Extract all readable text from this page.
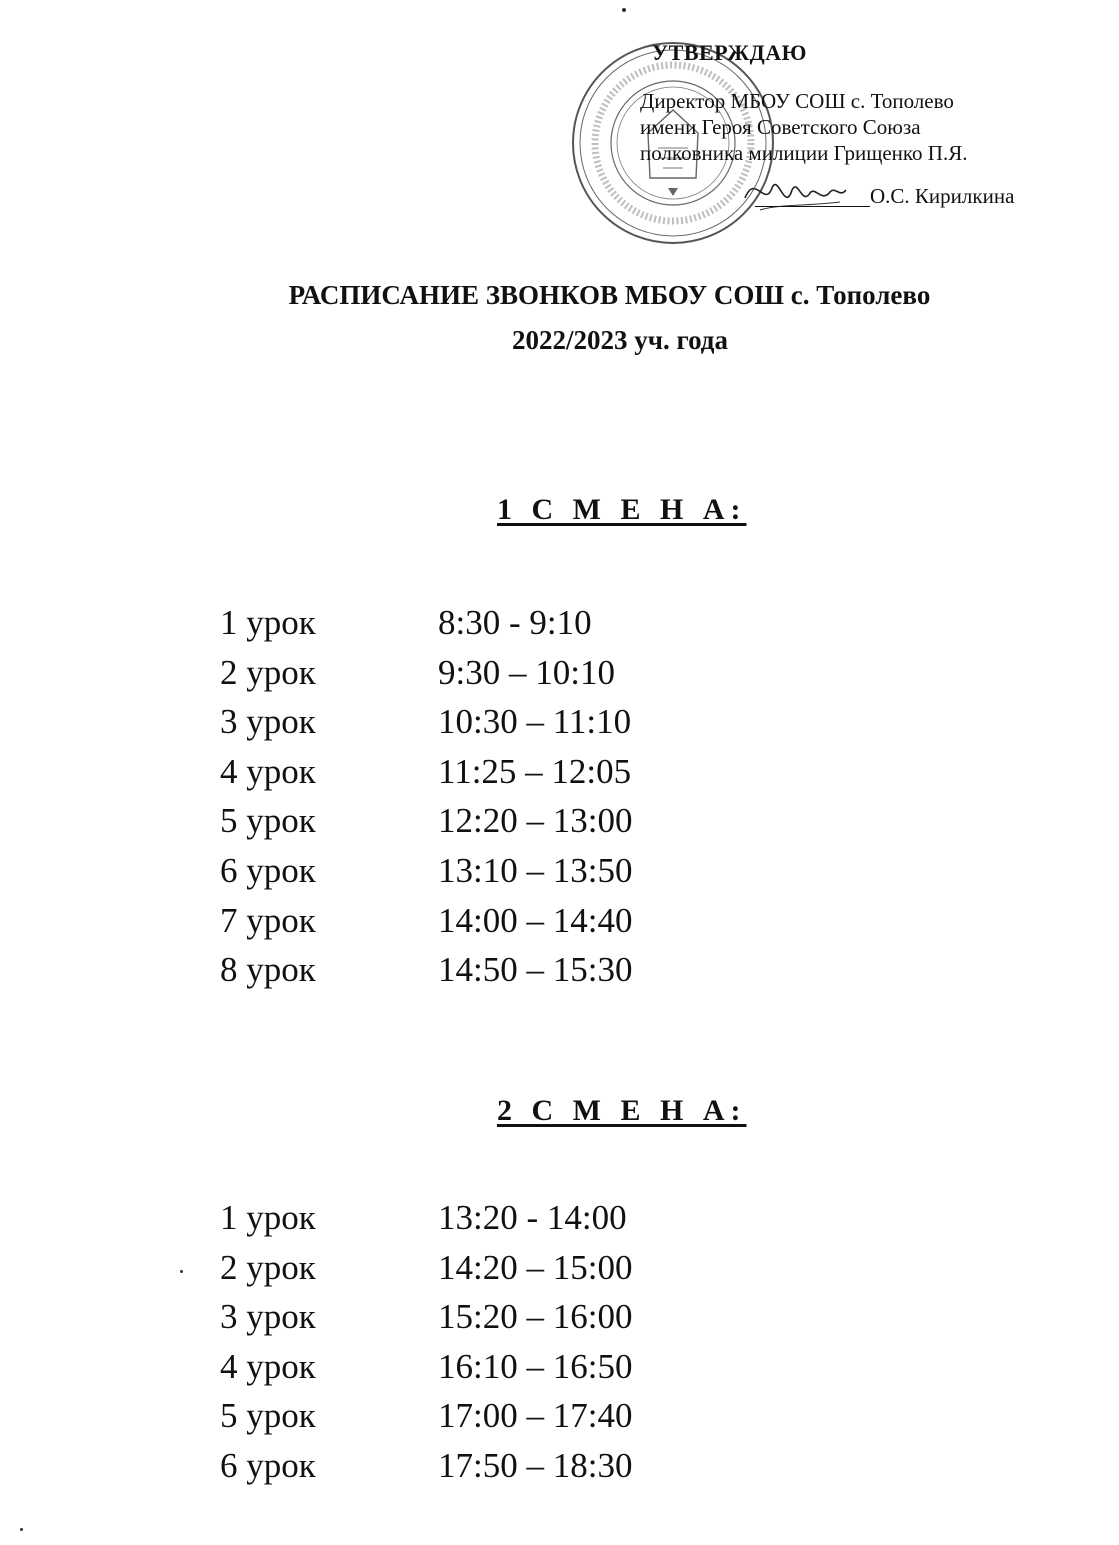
УТВЕРЖДАЮ
Директор МБОУ СОШ с. Тополево
имени Героя Советского Союза
полковника милиции Грищенко П.Я.
О.С. Кирилкина
РАСПИСАНИЕ ЗВОНКОВ МБОУ СОШ с. Тополево
2022/2023 уч. года
1 С М Е Н А:
1 урок	8:30 - 9:10
2 урок	9:30 – 10:10
3 урок	10:30 – 11:10
4 урок	11:25 – 12:05
5 урок	12:20 – 13:00
6 урок	13:10 – 13:50
7 урок	14:00 – 14:40
8 урок	14:50 – 15:30
2 С М Е Н А:
1 урок	13:20 - 14:00
2 урок	14:20 – 15:00
3 урок	15:20 – 16:00
4 урок	16:10 – 16:50
5 урок	17:00 – 17:40
6 урок	17:50 – 18:30
